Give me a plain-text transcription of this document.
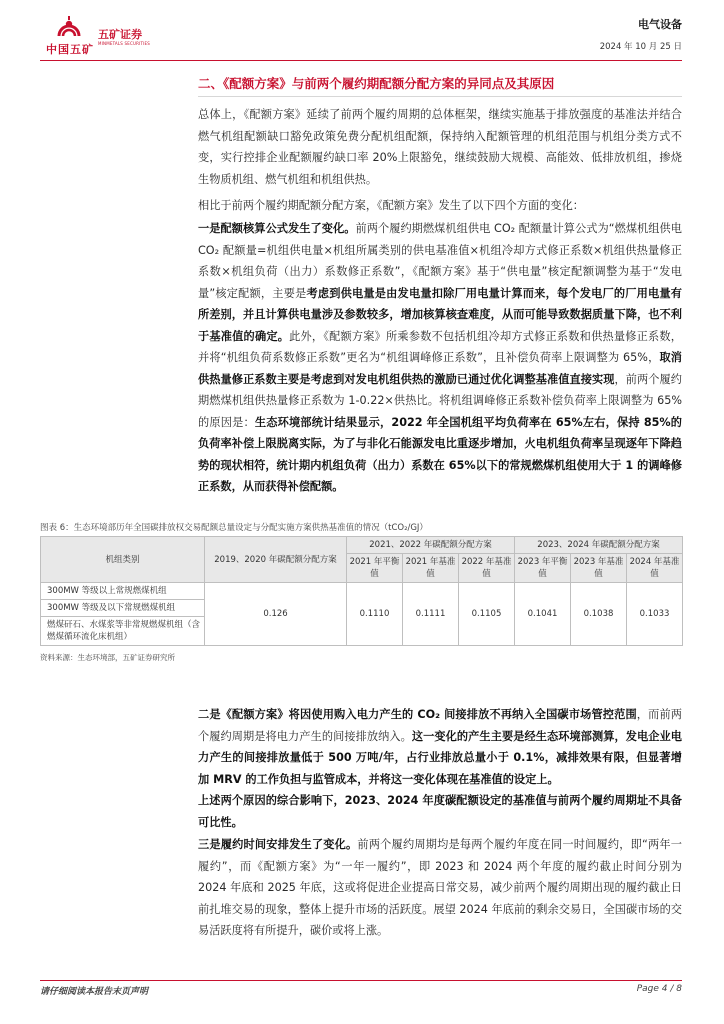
中国五矿
五矿证券
MINMETALS SECURITIES
电气设备
2024 年 10 月 25 日
二、《配额方案》与前两个履约期配额分配方案的异同点及其原因

总体上，《配额方案》延续了前两个履约周期的总体框架，继续实施基于排放强度的基准法并结合燃气机组配额缺口豁免政策免费分配机组配额，保持纳入配额管理的机组范围与机组分类方式不变，实行控排企业配额履约缺口率 20%上限豁免，继续鼓励大规模、高能效、低排放机组，掺烧生物质机组、燃气机组和机组供热。

相比于前两个履约期配额分配方案，《配额方案》发生了以下四个方面的变化：

一是配额核算公式发生了变化。前两个履约期燃煤机组供电 CO₂ 配额量计算公式为“燃煤机组供电 CO₂ 配额量=机组供电量×机组所属类别的供电基准值×机组冷却方式修正系数×机组供热量修正系数×机组负荷（出力）系数修正系数”，《配额方案》基于“供电量”核定配额调整为基于“发电量”核定配额，主要是考虑到供电量是由发电量扣除厂用电量计算而来，每个发电厂的厂用电量有所差别，并且计算供电量涉及参数较多，增加核算核查难度，从而可能导致数据质量下降，也不利于基准值的确定。此外，《配额方案》所乘参数不包括机组冷却方式修正系数和供热量修正系数，并将“机组负荷系数修正系数”更名为“机组调峰修正系数”，且补偿负荷率上限调整为 65%，取消供热量修正系数主要是考虑到对发电机组供热的激励已通过优化调整基准值直接实现，前两个履约期燃煤机组供热量修正系数为 1-0.22×供热比。将机组调峰修正系数补偿负荷率上限调整为 65%的原因是：生态环境部统计结果显示，2022 年全国机组平均负荷率在 65%左右，保持 85%的负荷率补偿上限脱离实际，为了与非化石能源发电比重逐步增加，火电机组负荷率呈现逐年下降趋势的现状相符，统计期内机组负荷（出力）系数在 65%以下的常规燃煤机组使用大于 1 的调峰修正系数，从而获得补偿配额。

图表 6：生态环境部历年全国碳排放权交易配额总量设定与分配实施方案供热基准值的情况（tCO₂/GJ）
机组类别	2019、2020 年碳配额分配方案	2021、2022 年碳配额分配方案			2023、2024 年碳配额分配方案		
		2021 年平衡值	2021 年基准值	2022 年基准值	2023 年平衡值	2023 年基准值	2024 年基准值
300MW 等级以上常规燃煤机组	0.126	0.1110	0.1111	0.1105	0.1041	0.1038	0.1033
300MW 等级及以下常规燃煤机组							
燃煤矸石、水煤浆等非常规燃煤机组（含燃煤循环流化床机组）							
资料来源：生态环境部，五矿证券研究所

二是《配额方案》将因使用购入电力产生的 CO₂ 间接排放不再纳入全国碳市场管控范围，而前两个履约周期是将电力产生的间接排放纳入。这一变化的产生主要是经生态环境部测算，发电企业电力产生的间接排放量低于 500 万吨/年，占行业排放总量小于 0.1%，减排效果有限，但显著增加 MRV 的工作负担与监管成本，并将这一变化体现在基准值的设定上。

上述两个原因的综合影响下，2023、2024 年度碳配额设定的基准值与前两个履约周期址不具备可比性。

三是履约时间安排发生了变化。前两个履约周期均是每两个履约年度在同一时间履约，即“两年一履约”，而《配额方案》为“一年一履约”，即 2023 和 2024 两个年度的履约截止时间分别为 2024 年底和 2025 年底，这或将促进企业提高日常交易，减少前两个履约周期出现的履约截止日前扎堆交易的现象，整体上提升市场的活跃度。展望 2024 年底前的剩余交易日，全国碳市场的交易活跃度将有所提升，碳价或将上涨。

请仔细阅读本报告末页声明	Page 4 / 8
